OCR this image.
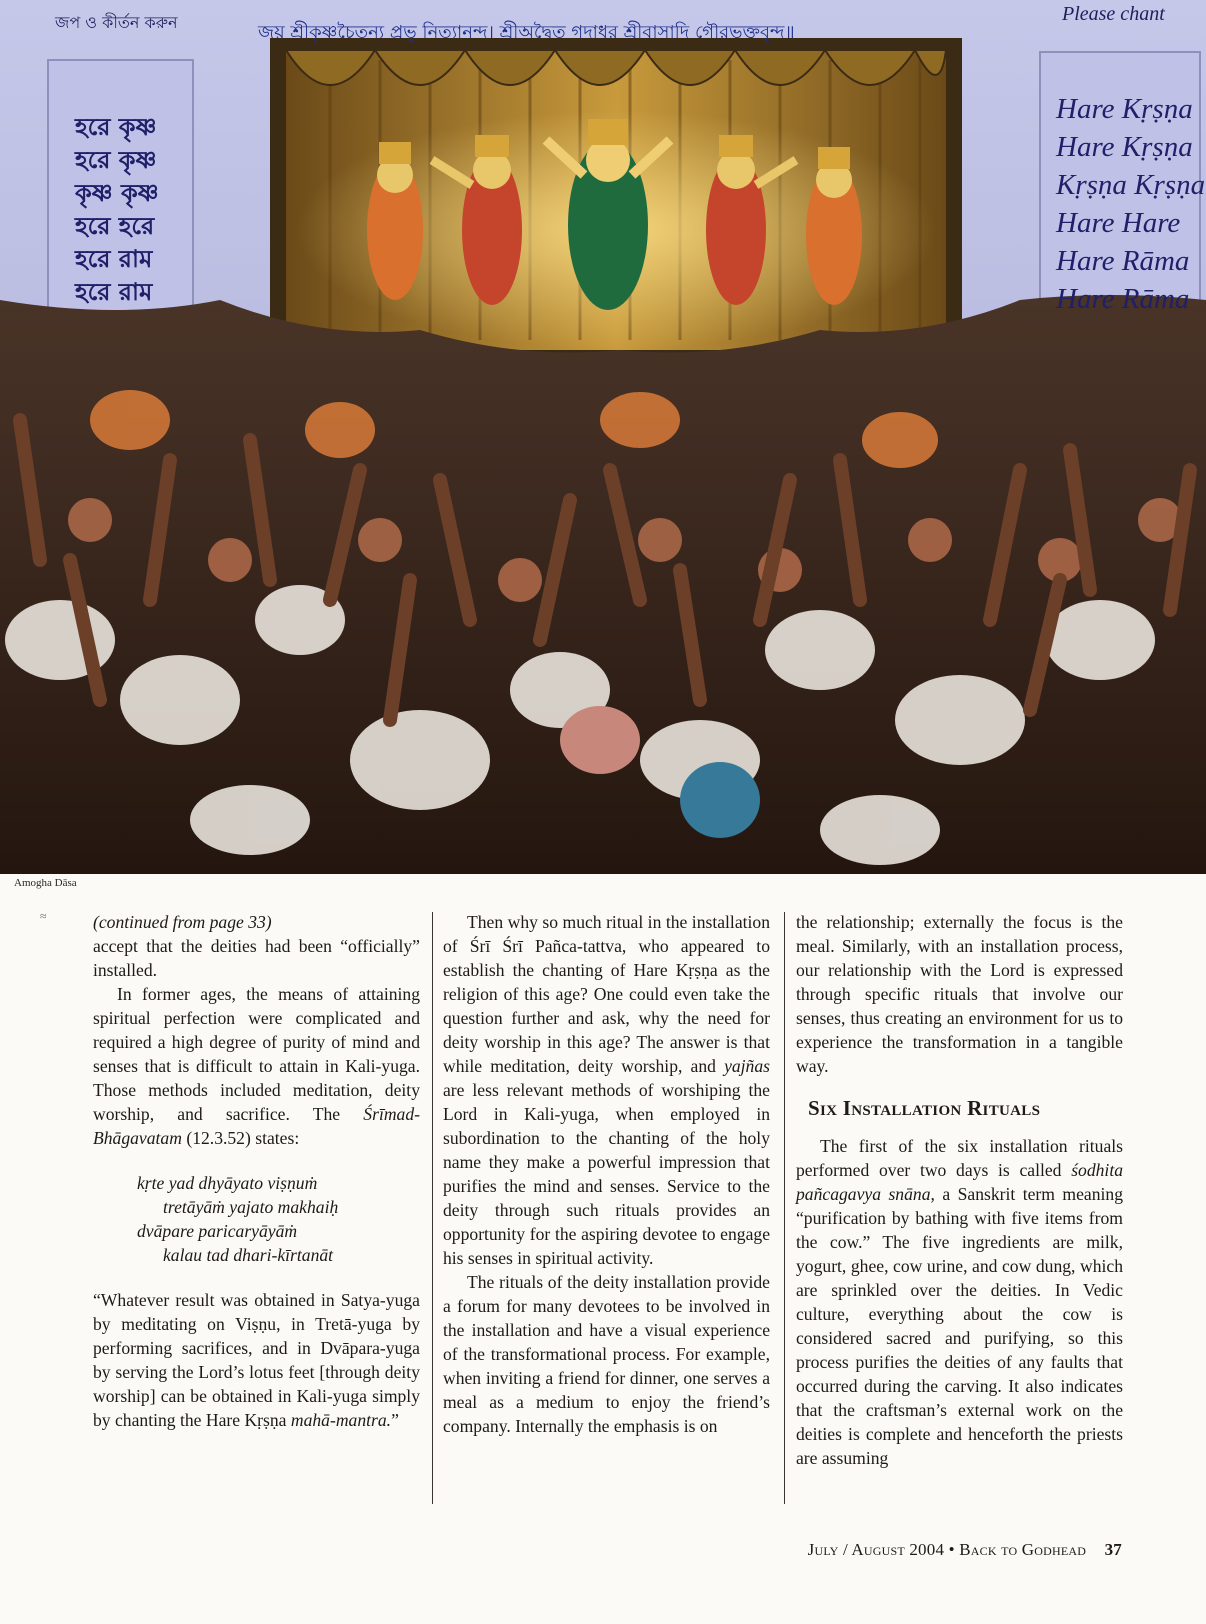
জপ ও কীর্তন করুন	জয় শ্রীকৃষ্ণচৈতন্য প্রভু নিত্যানন্দ। শ্রীঅদ্বৈত গদাধর শ্রীবাসাদি গৌরভক্তবৃন্দ॥
Please chant
হরে কৃষ্ণ
হরে কৃষ্ণ
কৃষ্ণ কৃষ্ণ
হরে হরে
হরে রাম
হরে রাম
Hare Kṛṣṇa
Hare Kṛṣṇa
Kṛṣṇa Kṛṣṇa
Hare Hare
Hare Rāma
Hare Rāma
Amogha Dāsa
≈	(continued from page 33)

accept that the deities had been “officially” installed.

In former ages, the means of attaining spiritual perfection were complicated and required a high degree of purity of mind and senses that is difficult to attain in Kali-yuga. Those methods included meditation, deity worship, and sacrifice. The Śrīmad-Bhāgavatam (12.3.52) states:

kṛte yad dhyāyato viṣṇuṁ
tretāyāṁ yajato makhaiḥ
dvāpare paricaryāyāṁ
kalau tad dhari-kīrtanāt

“Whatever result was obtained in Satya-yuga by meditating on Viṣṇu, in Tretā-yuga by performing sacrifices, and in Dvāpara-yuga by serving the Lord’s lotus feet [through deity worship] can be obtained in Kali-yuga simply by chanting the Hare Kṛṣṇa mahā-mantra.”

Then why so much ritual in the installation of Śrī Śrī Pañca-tattva, who appeared to establish the chanting of Hare Kṛṣṇa as the religion of this age? One could even take the question further and ask, why the need for deity worship in this age? The answer is that while meditation, deity worship, and yajñas are less relevant methods of worshiping the Lord in Kali-yuga, when employed in subordination to the chanting of the holy name they make a powerful impression that purifies the mind and senses. Service to the deity through such rituals provides an opportunity for the aspiring devotee to engage his senses in spiritual activity.

The rituals of the deity installation provide a forum for many devotees to be involved in the installation and have a visual experience of the transformational process. For example, when inviting a friend for dinner, one serves a meal as a medium to enjoy the friend’s company. Internally the emphasis is on

the relationship; externally the focus is the meal. Similarly, with an installation process, our relationship with the Lord is expressed through specific rituals that involve our senses, thus creating an environment for us to experience the transformation in a tangible way.

Six Installation Rituals

The first of the six installation rituals performed over two days is called śodhita pañcagavya snāna, a Sanskrit term meaning “purification by bathing with five items from the cow.” The five ingredients are milk, yogurt, ghee, cow urine, and cow dung, which are sprinkled over the deities. In Vedic culture, everything about the cow is considered sacred and purifying, so this process purifies the deities of any faults that occurred during the carving. It also indicates that the craftsman’s external work on the deities is complete and henceforth the priests are assuming

July / August 2004 • Back to Godhead 37
